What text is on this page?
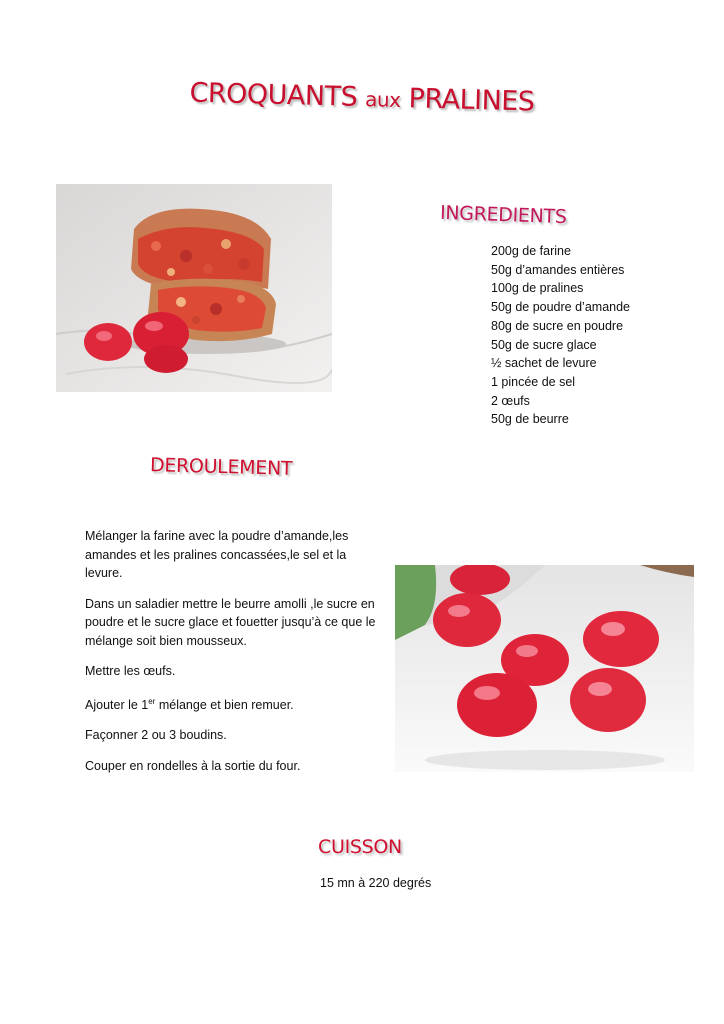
CROQUANTS aux PRALINES
INGREDIENTS
200g de farine
50g d’amandes entières
100g de pralines
50g de poudre d’amande
80g de sucre en poudre
50g de sucre glace
½ sachet de levure
1 pincée de sel
2 œufs
50g de beurre
DEROULEMENT

Mélanger la farine avec la poudre d’amande,les amandes et les pralines concassées,le sel et la levure.

Dans un saladier mettre le beurre amolli ,le sucre en poudre et le sucre glace et fouetter jusqu’à ce que le mélange soit bien mousseux.

Mettre les œufs.

Ajouter le 1er mélange et bien remuer.

Façonner 2 ou 3 boudins.

Couper en rondelles à la sortie du four.

CUISSON
15 mn à 220 degrés
